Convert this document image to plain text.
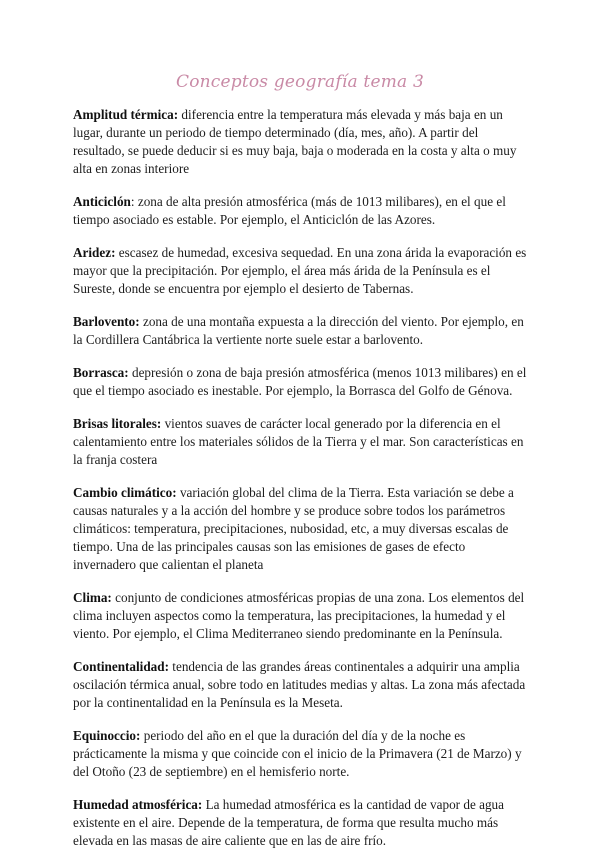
Conceptos geografía tema 3

Amplitud térmica: diferencia entre la temperatura más elevada y más baja en un lugar, durante un periodo de tiempo determinado (día, mes, año). A partir del resultado, se puede deducir si es muy baja, baja o moderada en la costa y alta o muy alta en zonas interiore

Anticiclón: zona de alta presión atmosférica (más de 1013 milibares), en el que el tiempo asociado es estable. Por ejemplo, el Anticiclón de las Azores.

Aridez: escasez de humedad, excesiva sequedad. En una zona árida la evaporación es mayor que la precipitación. Por ejemplo, el área más árida de la Península es el Sureste, donde se encuentra por ejemplo el desierto de Tabernas.

Barlovento: zona de una montaña expuesta a la dirección del viento. Por ejemplo, en la Cordillera Cantábrica la vertiente norte suele estar a barlovento.

Borrasca: depresión o zona de baja presión atmosférica (menos 1013 milibares) en el que el tiempo asociado es inestable. Por ejemplo, la Borrasca del Golfo de Génova.

Brisas litorales: vientos suaves de carácter local generado por la diferencia en el calentamiento entre los materiales sólidos de la Tierra y el mar. Son características en la franja costera

Cambio climático: variación global del clima de la Tierra. Esta variación se debe a causas naturales y a la acción del hombre y se produce sobre todos los parámetros climáticos: temperatura, precipitaciones, nubosidad, etc, a muy diversas escalas de tiempo. Una de las principales causas son las emisiones de gases de efecto invernadero que calientan el planeta

Clima: conjunto de condiciones atmosféricas propias de una zona. Los elementos del clima incluyen aspectos como la temperatura, las precipitaciones, la humedad y el viento. Por ejemplo, el Clima Mediterraneo siendo predominante en la Península.

Continentalidad: tendencia de las grandes áreas continentales a adquirir una amplia oscilación térmica anual, sobre todo en latitudes medias y altas. La zona más afectada por la continentalidad en la Península es la Meseta.

Equinoccio: periodo del año en el que la duración del día y de la noche es prácticamente la misma y que coincide con el inicio de la Primavera (21 de Marzo) y del Otoño (23 de septiembre) en el hemisferio norte.

Humedad atmosférica: La humedad atmosférica es la cantidad de vapor de agua existente en el aire. Depende de la temperatura, de forma que resulta mucho más elevada en las masas de aire caliente que en las de aire frío.
